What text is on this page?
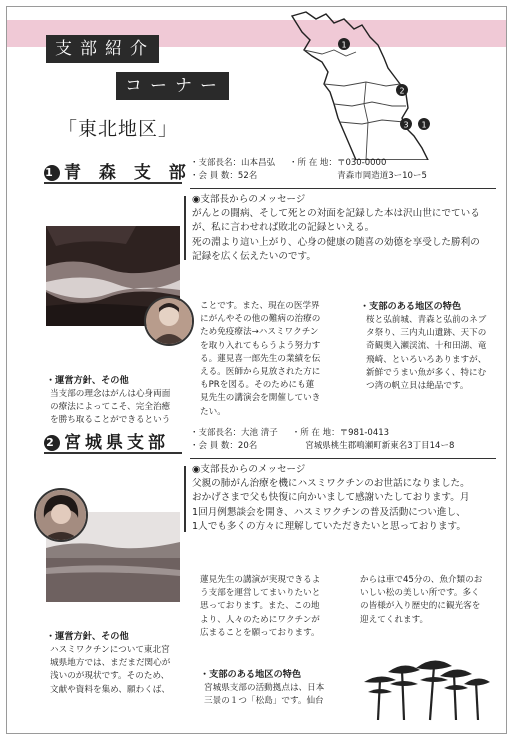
支部紹介
コーナー
「東北地区」
1
2
3 1
1 青 森 支 部
・支部長名：山本昌弘 ・所 在 地：〒030-0000
・会 員 数：52名	青森市岡造道3ー10ー5
◉支部長からのメッセージ
がんとの闘病、そして死との対面を記録した本は沢山世にでている
が、私に言わせれば敗北の記録といえる。
死の淵より這い上がり、心身の健康の随喜の効德を享受した勝利の
記録を広く伝えたいのです。
ことです。また、現在の医学界
にがんやその他の難病の治療の
ため免疫療法→ハスミワクチン
を取り入れてもらうよう努力す
る。蓮見喜一郎先生の業績を伝
える。医師から見放された方に
もPRを図る。そのためにも蓮
見先生の講演会を開催していき
たい。
・支部のある地区の特色
桜と弘前城、青森と弘前のネブ
タ祭り、三内丸山遺跡、天下の
奇観奥入瀬渓流、十和田湖、竜
飛崎、といろいろありますが、
新鮮でうまい魚が多く、特にむ
つ湾の帆立貝は絶品です。
・運営方針、その他
当支部の理念はがんは心身両面
の療法によってこそ、完全治癒
を勝ち取ることができるという
2 宮城県支部 ・支部長名：大池 清子 ・所 在 地：〒981-0413
・会 員 数：20名	宮城県桃生郡鳴瀬町新東名3丁目14ー8
◉支部長からのメッセージ
父親の肺がん治療を機にハスミワクチンのお世話になりました。
おかげさまで父も快復に向かいまして感謝いたしております。月
1回月例懇談会を開き、ハスミワクチンの普及活動につい進し、
1人でも多くの方々に理解していただきたいと思っております。
蓮見先生の講演が実現できるよ
う支部を運営してまいりたいと
思っております。また、この地
より、人々のためにワクチンが
広まることを願っております。
からは車で45分の、魚介類のお
いしい松の美しい所です。多く
の皆様が入り歴史的に観光客を
迎えてくれます。
・運営方針、その他
ハスミワクチンについて東北宮
城県地方では、まだまだ関心が
浅いのが現状です。そのため、
文献や資料を集め、願わくば、
・支部のある地区の特色
宮城県支部の活動拠点は、日本
三景の１つ「松島」です。仙台
